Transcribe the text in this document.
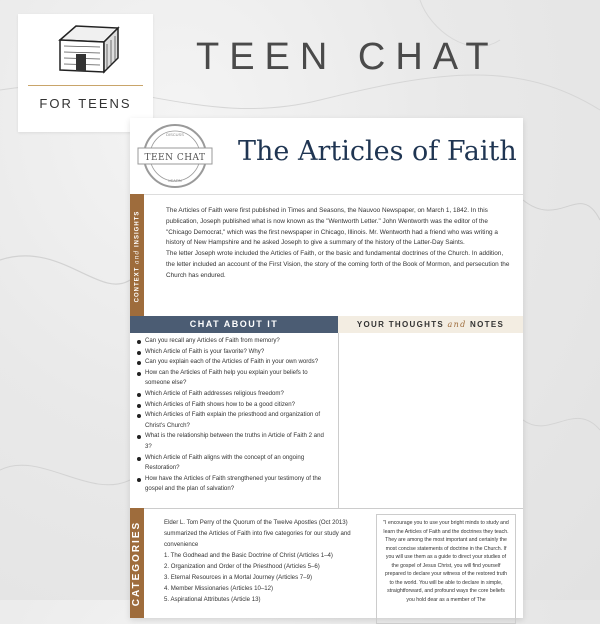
FOR TEENS
TEEN CHAT
DISCUSS
TEEN CHAT
LEARN
The Articles of Faith
CONTEXT and INSIGHTS	The Articles of Faith were first published in Times and Seasons, the Nauvoo Newspaper, on March 1, 1842. In this publication, Joseph published what is now known as the "Wentworth Letter." John Wentworth was the editor of the "Chicago Democrat," which was the first newspaper in Chicago, Illinois. Mr. Wentworth had a friend who was writing a history of New Hampshire and he asked Joseph to give a summary of the history of the Latter-Day Saints.

The letter Joseph wrote included the Articles of Faith, or the basic and fundamental doctrines of the Church. In addition, the letter included an account of the First Vision, the story of the coming forth of the Book of Mormon, and persecution the Church has endured.

CHAT ABOUT IT	YOUR THOUGHTS and NOTES
Can you recall any Articles of Faith from memory?
Which Article of Faith is your favorite? Why?
Can you explain each of the Articles of Faith in your own words?
How can the Articles of Faith help you explain your beliefs to someone else?
Which Article of Faith addresses religious freedom?
Which Articles of Faith shows how to be a good citizen?
Which Articles of Faith explain the priesthood and organization of Christ's Church?
What is the relationship between the truths in Article of Faith 2 and 3?
Which Article of Faith aligns with the concept of an ongoing Restoration?
How have the Articles of Faith strengthened your testimony of the gospel and the plan of salvation?
CATEGORIES	Elder L. Tom Perry of the Quorum of the Twelve Apostles (Oct 2013) summarized the Articles of Faith into five categories for our study and convenience

1. The Godhead and the Basic Doctrine of Christ (Articles 1–4)
2. Organization and Order of the Priesthood (Articles 5–6)
3. Eternal Resources in a Mortal Journey (Articles 7–9)
4. Member Missionaries (Articles 10–12)
5. Aspirational Attributes (Article 13)
"I encourage you to use your bright minds to study and learn the Articles of Faith and the doctrines they teach. They are among the most important and certainly the most concise statements of doctrine in the Church. If you will use them as a guide to direct your studies of the gospel of Jesus Christ, you will find yourself prepared to declare your witness of the restored truth to the world. You will be able to declare in simple, straightforward, and profound ways the core beliefs you hold dear as a member of The
